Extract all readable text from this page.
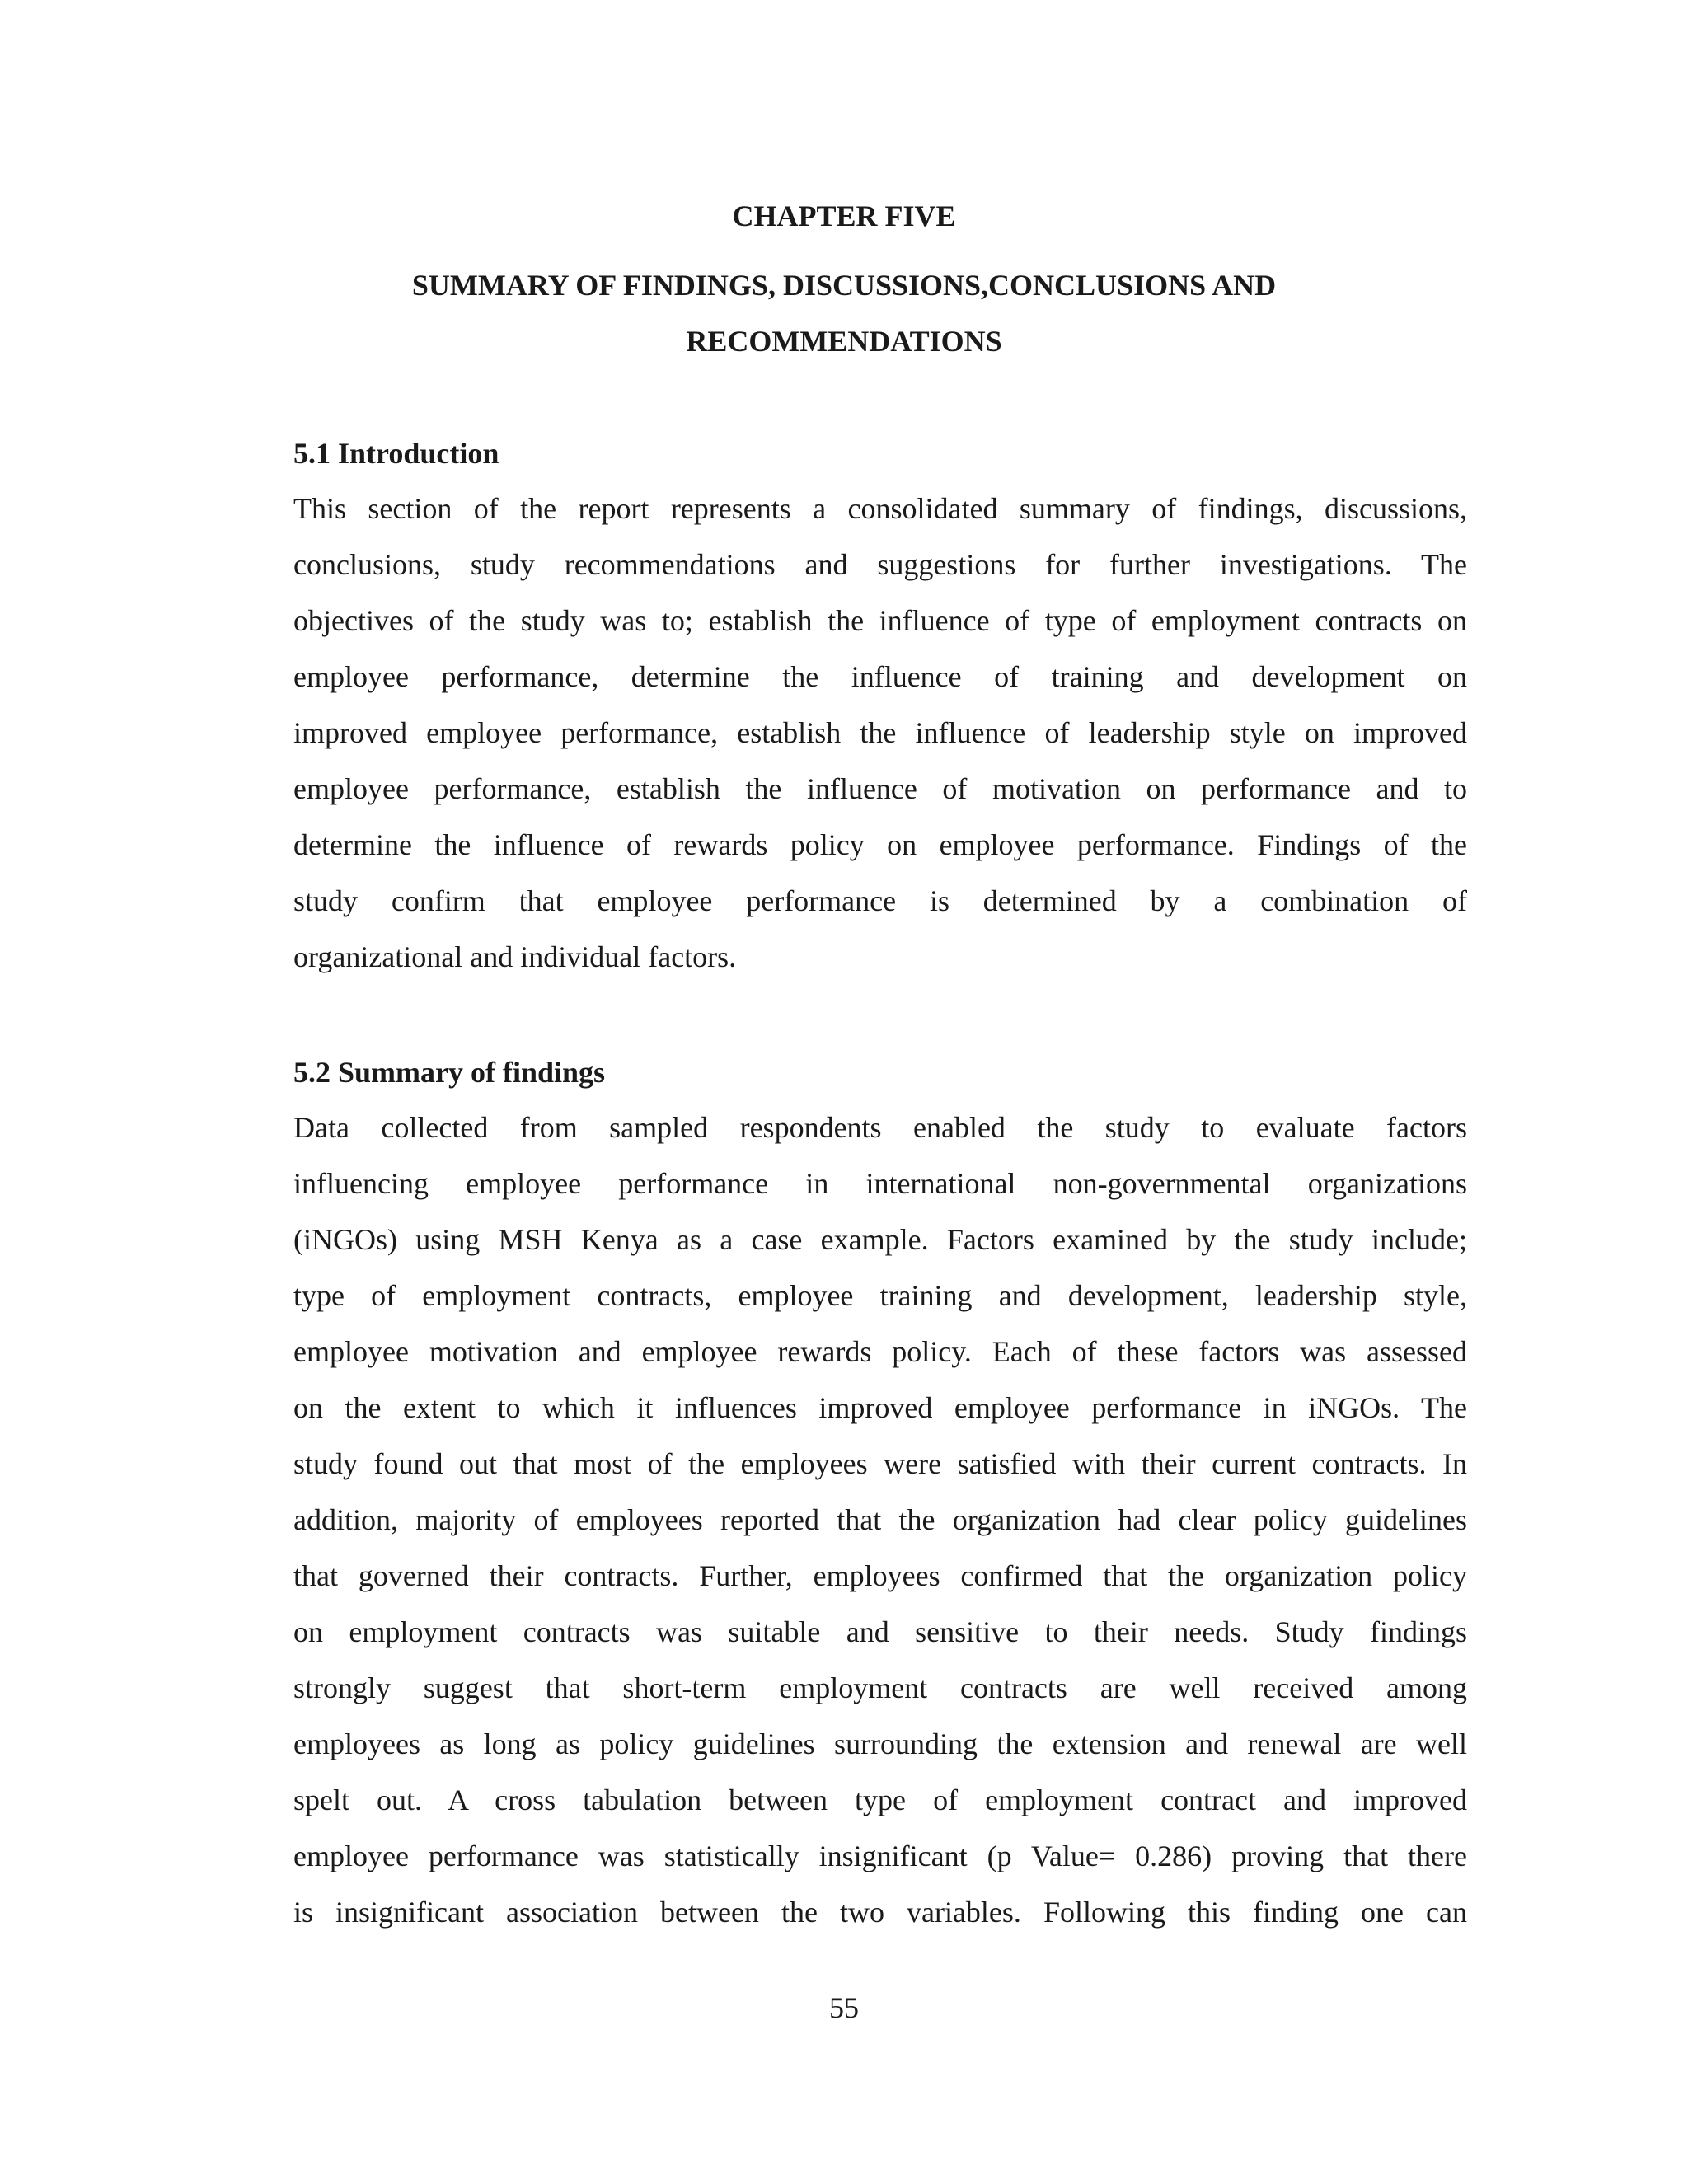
CHAPTER FIVE
SUMMARY OF FINDINGS, DISCUSSIONS,CONCLUSIONS AND
RECOMMENDATIONS
5.1 Introduction
This section of the report represents a consolidated summary of findings, discussions,
conclusions, study recommendations and suggestions for further investigations. The
objectives of the study was to; establish the influence of type of employment contracts on
employee performance, determine the influence of training and development on
improved employee performance, establish the influence of leadership style on improved
employee performance, establish the influence of motivation on performance and to
determine the influence of rewards policy on employee performance. Findings of the
study confirm that employee performance is determined by a combination of
organizational and individual factors.
5.2 Summary of findings
Data collected from sampled respondents enabled the study to evaluate factors
influencing employee performance in international non-governmental organizations
(iNGOs) using MSH Kenya as a case example. Factors examined by the study include;
type of employment contracts, employee training and development, leadership style,
employee motivation and employee rewards policy. Each of these factors was assessed
on the extent to which it influences improved employee performance in iNGOs. The
study found out that most of the employees were satisfied with their current contracts. In
addition, majority of employees reported that the organization had clear policy guidelines
that governed their contracts. Further, employees confirmed that the organization policy
on employment contracts was suitable and sensitive to their needs. Study findings
strongly suggest that short-term employment contracts are well received among
employees as long as policy guidelines surrounding the extension and renewal are well
spelt out. A cross tabulation between type of employment contract and improved
employee performance was statistically insignificant (p Value= 0.286) proving that there
is insignificant association between the two variables. Following this finding one can
55
